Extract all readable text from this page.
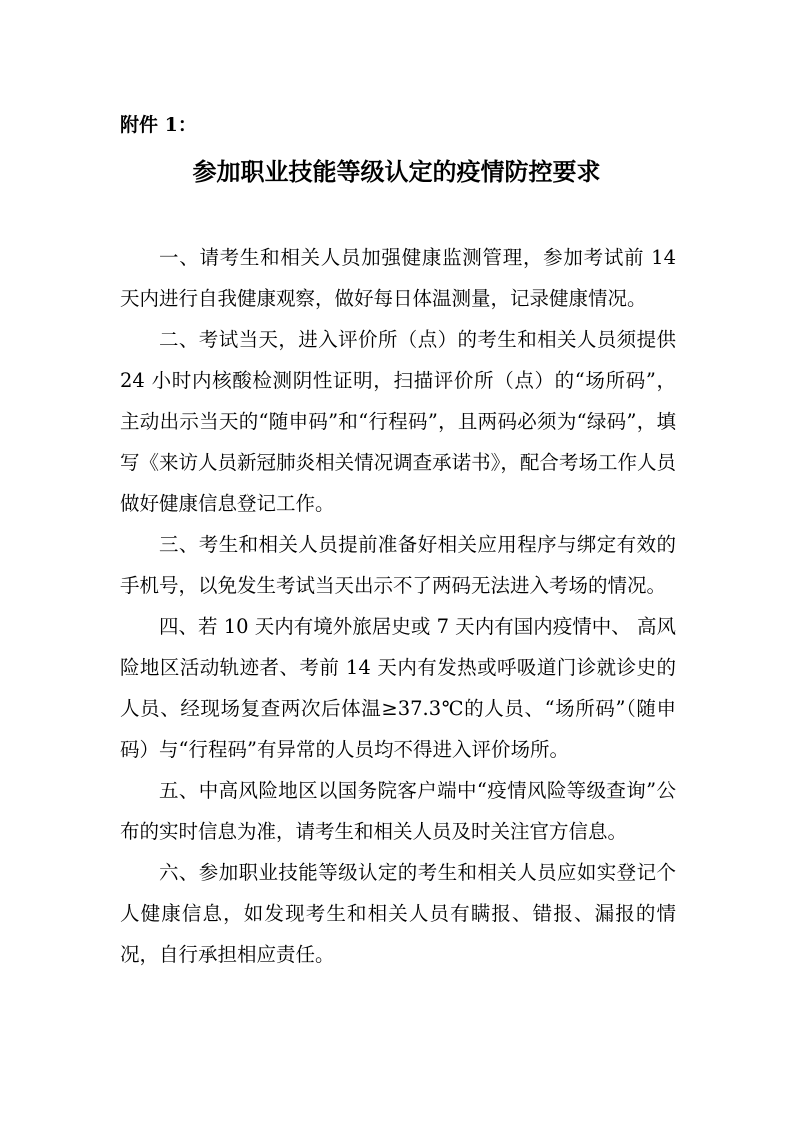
附件 1：
参加职业技能等级认定的疫情防控要求

一、请考生和相关人员加强健康监测管理，参加考试前 14 天内进行自我健康观察，做好每日体温测量，记录健康情况。

二、考试当天，进入评价所（点）的考生和相关人员须提供 24 小时内核酸检测阴性证明，扫描评价所（点）的“场所码”，主动出示当天的“随申码”和“行程码”，且两码必须为“绿码”，填写《来访人员新冠肺炎相关情况调查承诺书》，配合考场工作人员做好健康信息登记工作。

三、考生和相关人员提前准备好相关应用程序与绑定有效的手机号，以免发生考试当天出示不了两码无法进入考场的情况。

四、若 10 天内有境外旅居史或 7 天内有国内疫情中、 高风险地区活动轨迹者、考前 14 天内有发热或呼吸道门诊就诊史的人员、经现场复查两次后体温≥37.3℃的人员、“场所码”（随申码）与“行程码”有异常的人员均不得进入评价场所。

五、中高风险地区以国务院客户端中“疫情风险等级查询”公布的实时信息为准，请考生和相关人员及时关注官方信息。

六、参加职业技能等级认定的考生和相关人员应如实登记个人健康信息，如发现考生和相关人员有瞒报、错报、漏报的情况，自行承担相应责任。
